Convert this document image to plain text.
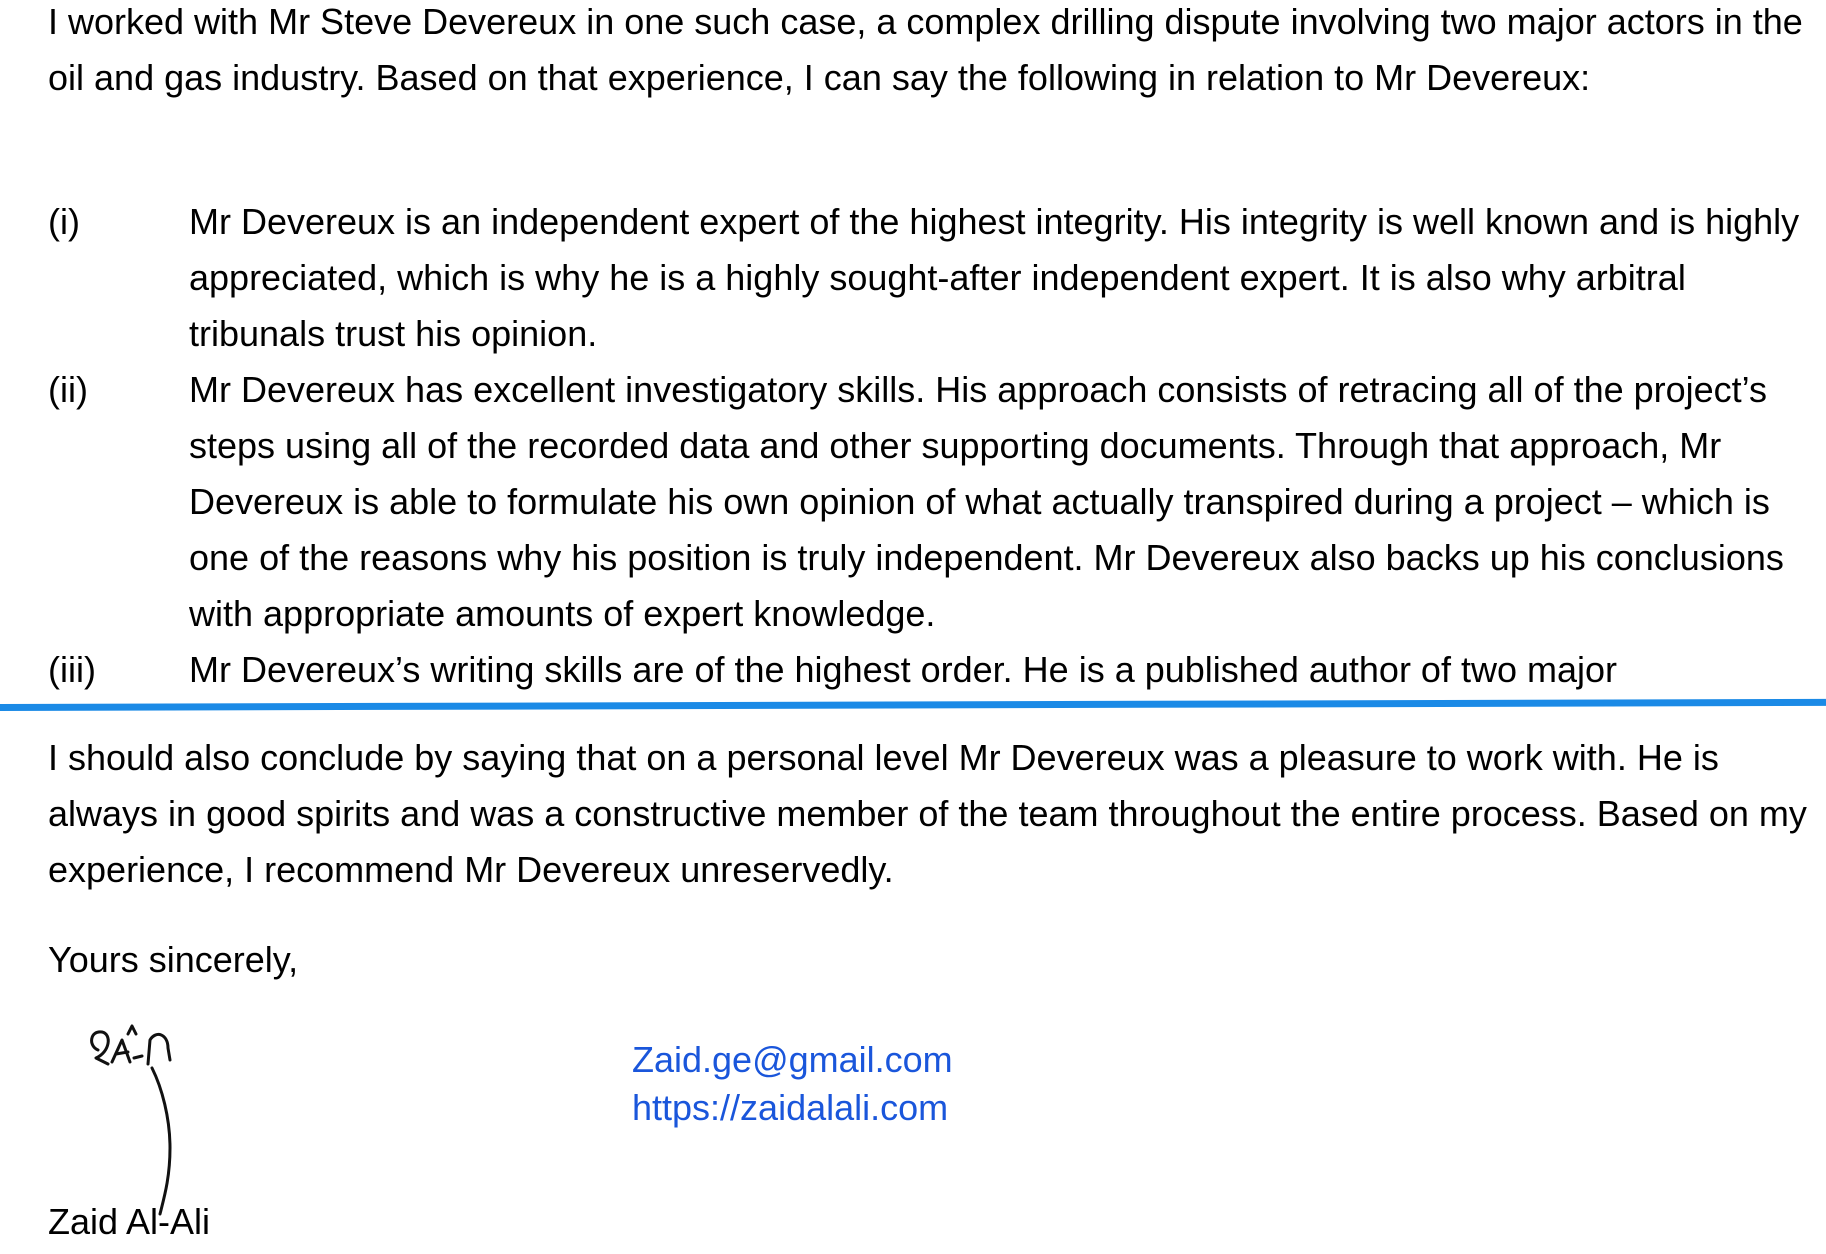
I worked with Mr Steve Devereux in one such case, a complex drilling dispute involving two major actors in the oil and gas industry. Based on that experience, I can say the following in relation to Mr Devereux:

(i)	Mr Devereux is an independent expert of the highest integrity. His integrity is well known and is highly appreciated, which is why he is a highly sought-after independent expert. It is also why arbitral tribunals trust his opinion.
(ii)	Mr Devereux has excellent investigatory skills. His approach consists of retracing all of the project’s steps using all of the recorded data and other supporting documents. Through that approach, Mr Devereux is able to formulate his own opinion of what actually transpired during a project – which is one of the reasons why his position is truly independent. Mr Devereux also backs up his conclusions with appropriate amounts of expert knowledge.
(iii)	Mr Devereux’s writing skills are of the highest order. He is a published author of two major

I should also conclude by saying that on a personal level Mr Devereux was a pleasure to work with. He is always in good spirits and was a constructive member of the team throughout the entire process. Based on my experience, I recommend Mr Devereux unreservedly.

Yours sincerely,

Zaid Al-Ali

Zaid.ge@gmail.com
https://zaidalali.com
